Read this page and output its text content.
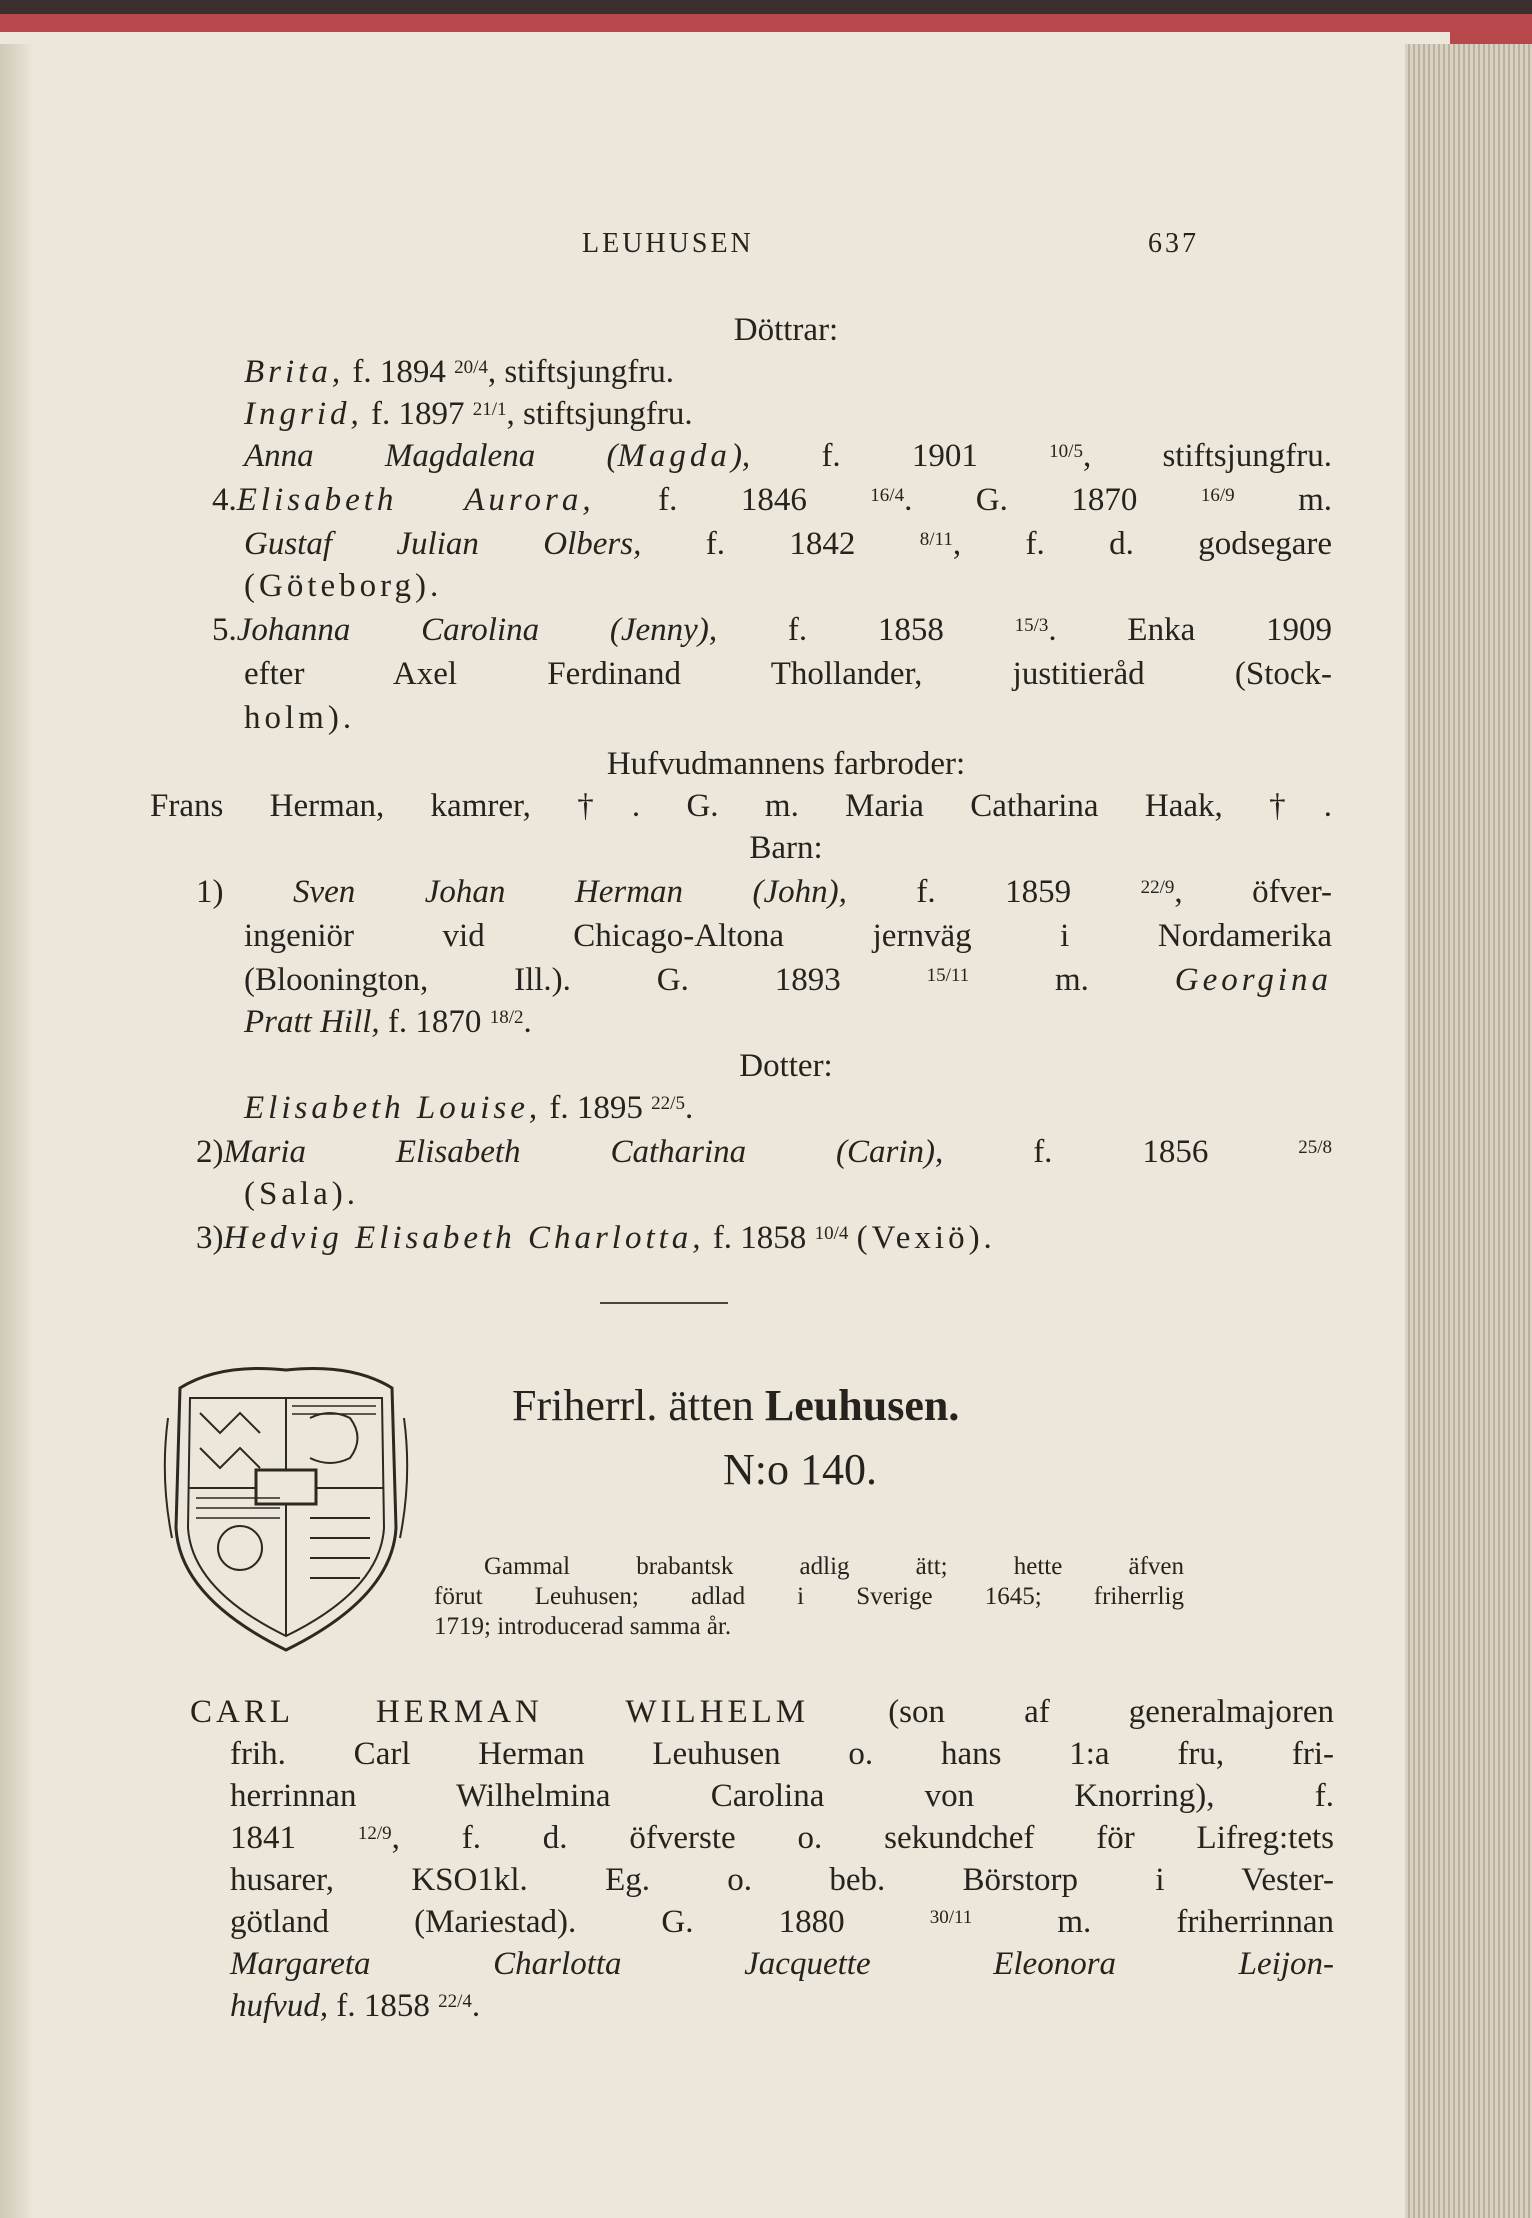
LEUHUSEN	637
Döttrar:
Brita, f. 1894 $^{20/4}$, stiftsjungfru.
Ingrid, f. 1897 $^{21/1}$, stiftsjungfru.
Anna Magdalena (Magda), f. 1901	$^{10/5}$, stiftsjungfru.
4.Elisabeth Aurora, f. 1846	$^{16/4}$. G. 1870	$^{16/9}$ m.
Gustaf Julian Olbers, f. 1842	$^{8/11}$, f. d. godsegare
(Göteborg).
5.Johanna Carolina (Jenny), f. 1858	$^{15/3}$. Enka 1909
efter Axel Ferdinand Thollander, justitieråd (Stock-
holm).
Hufvudmannens farbroder:
Frans Herman, kamrer, †. G. m. Maria Catharina Haak, †.
Barn:
1) Sven Johan Herman (John), f. 1859	$^{22/9}$, öfver-
ingeniör vid Chicago-Altona jernväg i Nordamerika
(Bloonington, Ill.). G. 1893	$^{15/11}$	m.	Georgina
Pratt Hill, f. 1870 $^{18/2}$.
Dotter:
Elisabeth Louise, f. 1895 $^{22/5}$.
2)Maria Elisabeth Catharina (Carin),	f. 1856	$^{25/8}$
(Sala).
3)Hedvig Elisabeth Charlotta, f. 1858 $^{10/4}$ (Vexiö).
Friherrl. ätten Leuhusen.
N:o 140.
Gammal brabantsk adlig ätt; hette äfven
förut Leuhusen; adlad i Sverige 1645; friherrlig
1719; introducerad samma år.
CARL HERMAN WILHELM (son af generalmajoren
frih. Carl Herman Leuhusen o. hans 1:a fru, fri-
herrinnan Wilhelmina Carolina von Knorring), f.
1841	$^{12/9}$, f. d. öfverste o. sekundchef för Lifreg:tets
husarer, KSO1kl. Eg. o. beb. Börstorp i Vester-
götland (Mariestad). G. 1880	$^{30/11}$ m. friherrinnan
Margareta Charlotta Jacquette Eleonora Leijon-
hufvud, f. 1858 $^{22/4}$.
